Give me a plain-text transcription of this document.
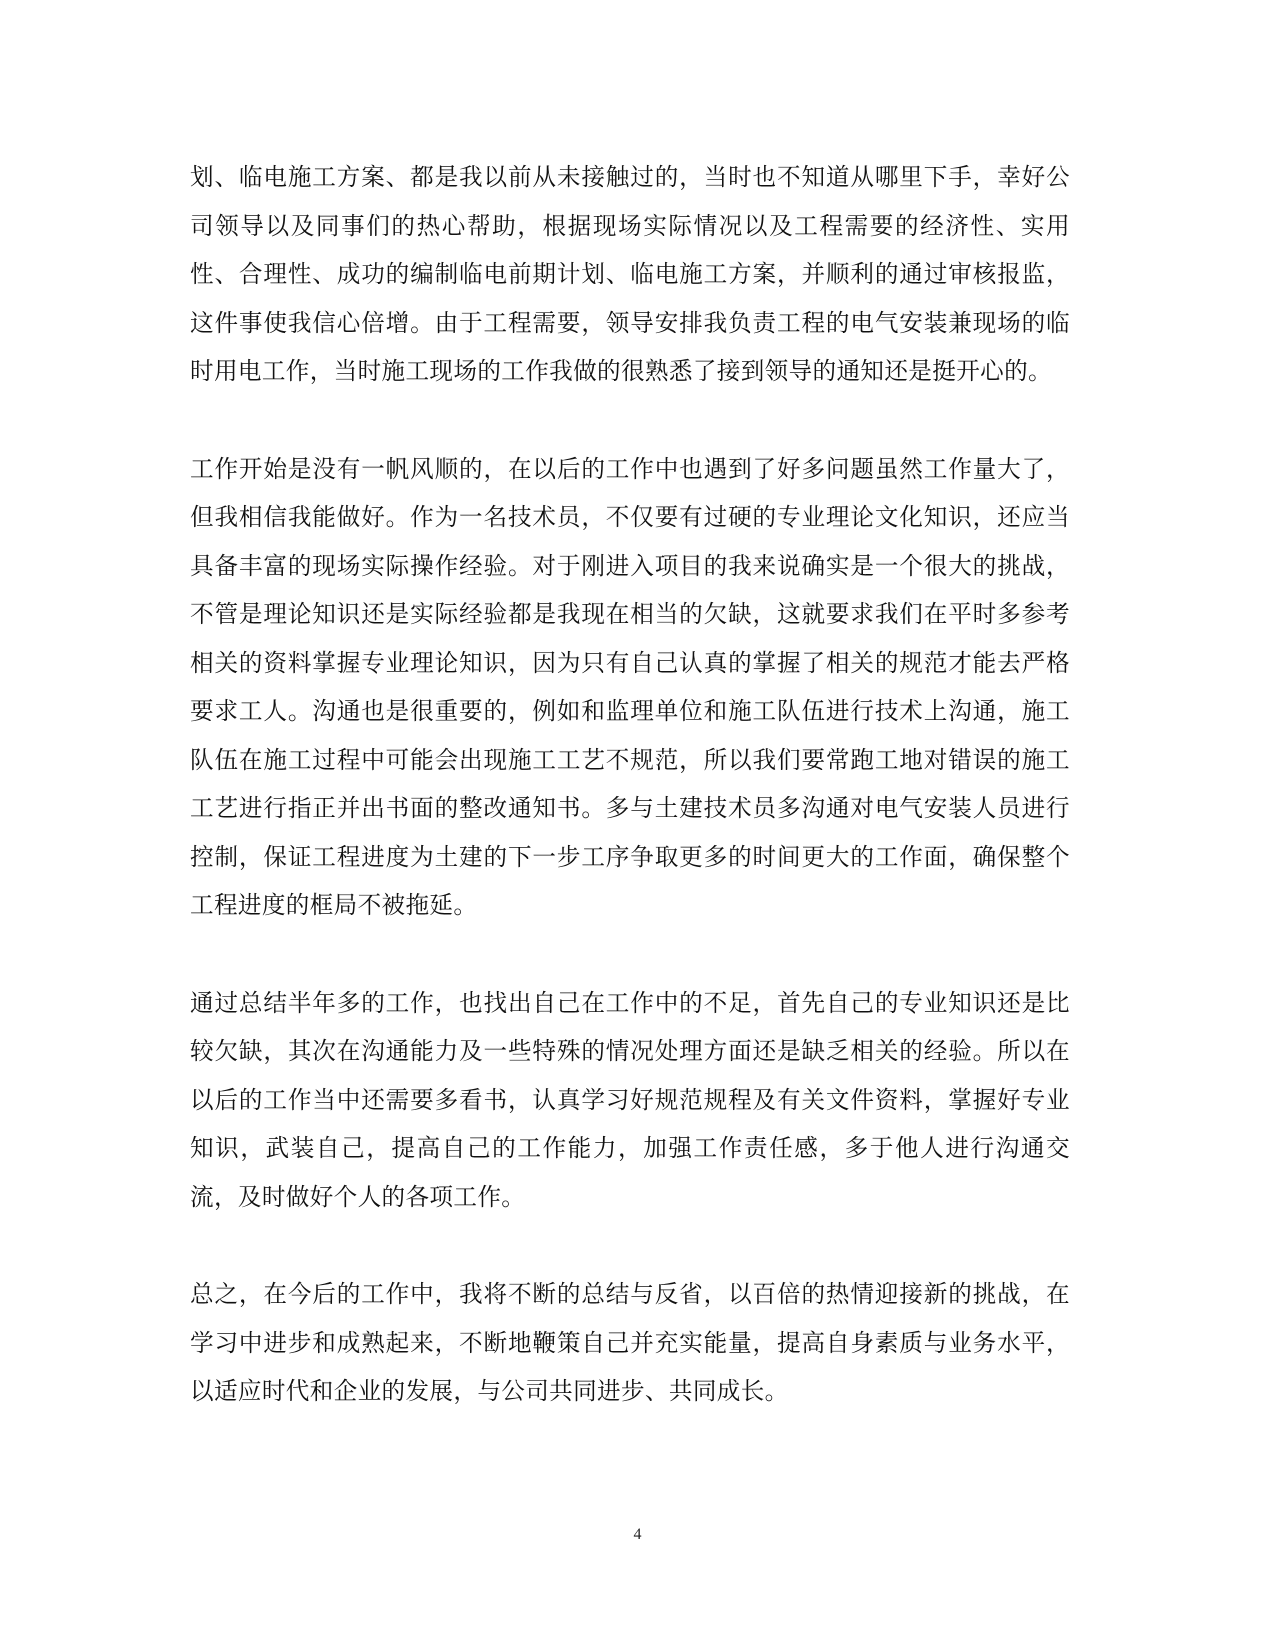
划、临电施工方案、都是我以前从未接触过的，当时也不知道从哪里下手，幸好公司领导以及同事们的热心帮助，根据现场实际情况以及工程需要的经济性、实用性、合理性、成功的编制临电前期计划、临电施工方案，并顺利的通过审核报监，这件事使我信心倍增。由于工程需要，领导安排我负责工程的电气安装兼现场的临时用电工作，当时施工现场的工作我做的很熟悉了接到领导的通知还是挺开心的。

工作开始是没有一帆风顺的，在以后的工作中也遇到了好多问题虽然工作量大了，但我相信我能做好。作为一名技术员，不仅要有过硬的专业理论文化知识，还应当具备丰富的现场实际操作经验。对于刚进入项目的我来说确实是一个很大的挑战，不管是理论知识还是实际经验都是我现在相当的欠缺，这就要求我们在平时多参考相关的资料掌握专业理论知识，因为只有自己认真的掌握了相关的规范才能去严格要求工人。沟通也是很重要的，例如和监理单位和施工队伍进行技术上沟通，施工队伍在施工过程中可能会出现施工工艺不规范，所以我们要常跑工地对错误的施工工艺进行指正并出书面的整改通知书。多与土建技术员多沟通对电气安装人员进行控制，保证工程进度为土建的下一步工序争取更多的时间更大的工作面，确保整个工程进度的框局不被拖延。

通过总结半年多的工作，也找出自己在工作中的不足，首先自己的专业知识还是比较欠缺，其次在沟通能力及一些特殊的情况处理方面还是缺乏相关的经验。所以在以后的工作当中还需要多看书，认真学习好规范规程及有关文件资料，掌握好专业知识，武装自己，提高自己的工作能力，加强工作责任感，多于他人进行沟通交流，及时做好个人的各项工作。

总之，在今后的工作中，我将不断的总结与反省，以百倍的热情迎接新的挑战，在学习中进步和成熟起来，不断地鞭策自己并充实能量，提高自身素质与业务水平，以适应时代和企业的发展，与公司共同进步、共同成长。

4
